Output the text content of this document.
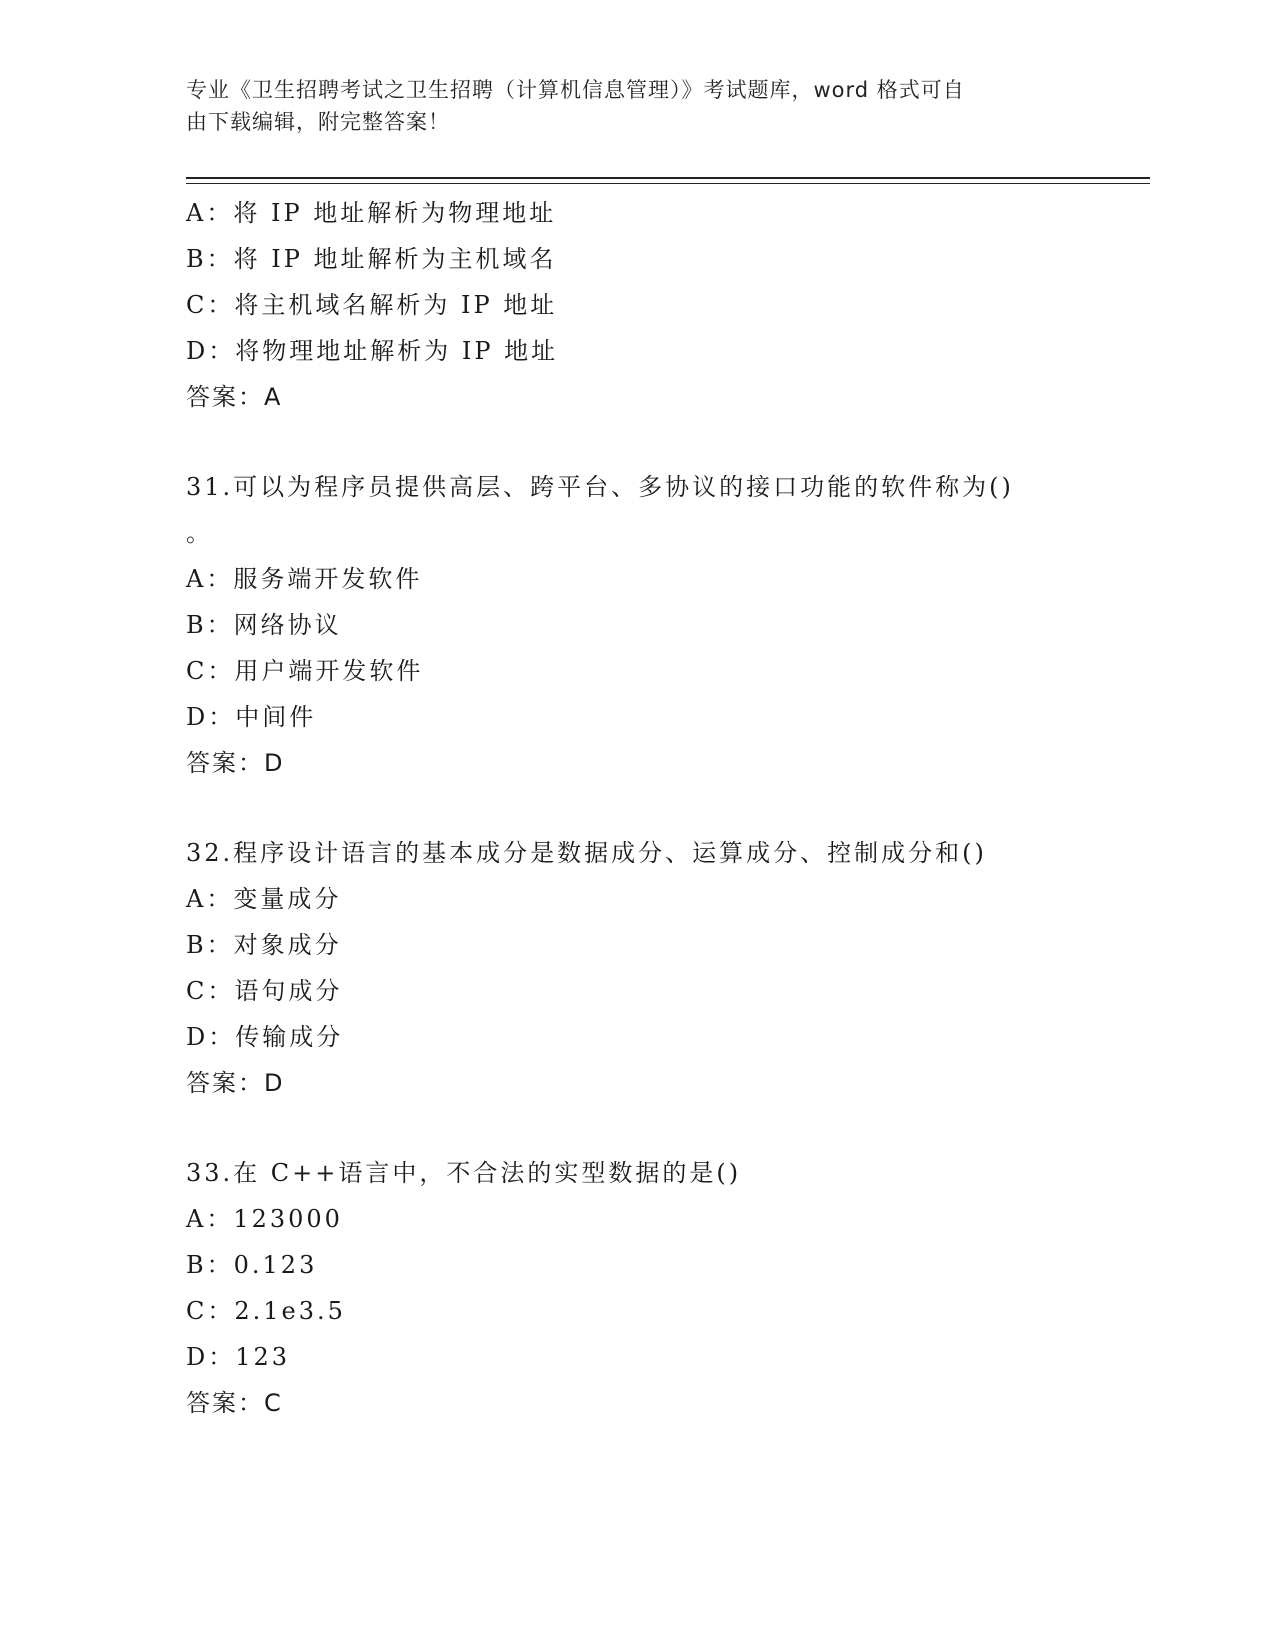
专业《卫生招聘考试之卫生招聘（计算机信息管理）》考试题库，word 格式可自
由下载编辑，附完整答案！
A：将 IP 地址解析为物理地址
B：将 IP 地址解析为主机域名
C：将主机域名解析为 IP 地址
D：将物理地址解析为 IP 地址
答案：A
31.可以为程序员提供高层、跨平台、多协议的接口功能的软件称为()
。
A：服务端开发软件
B：网络协议
C：用户端开发软件
D：中间件
答案：D
32.程序设计语言的基本成分是数据成分、运算成分、控制成分和()
A：变量成分
B：对象成分
C：语句成分
D：传输成分
答案：D
33.在 C++语言中，不合法的实型数据的是()
A：123000
B：0.123
C：2.1e3.5
D：123
答案：C
